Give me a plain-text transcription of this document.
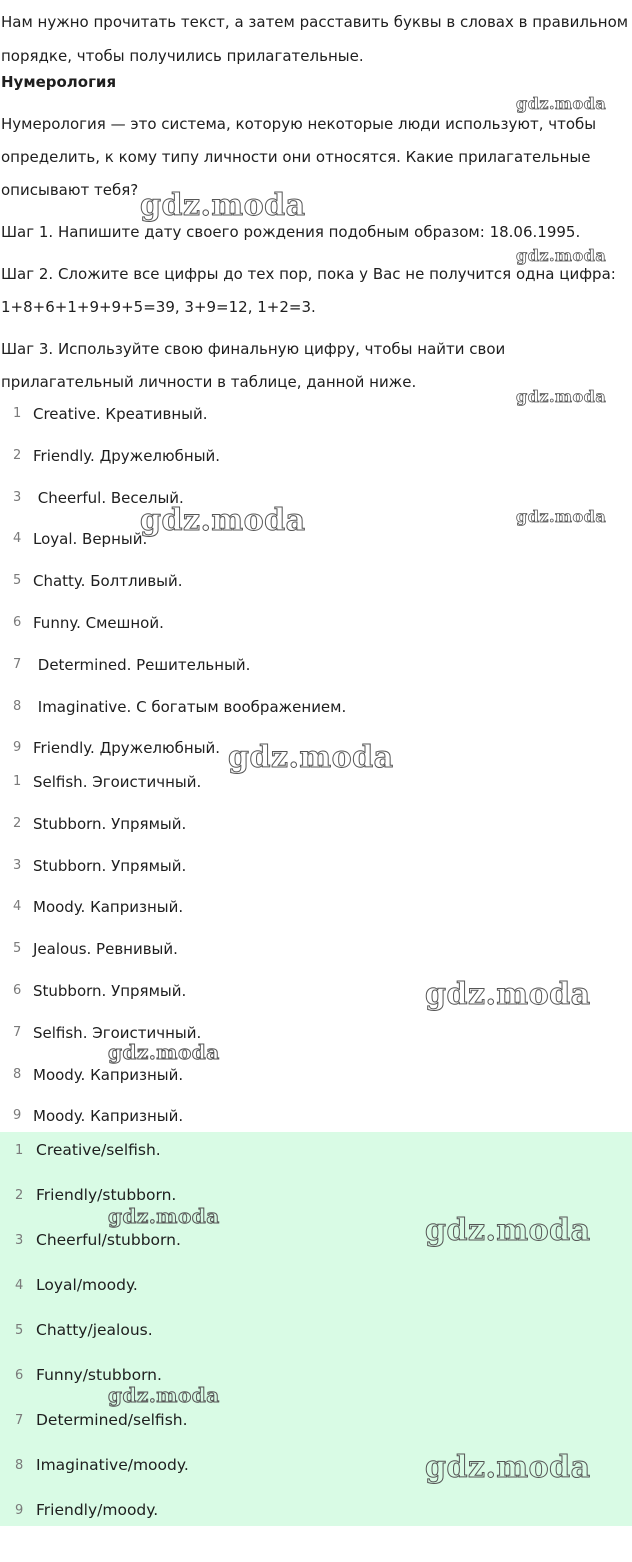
Нам нужно прочитать текст, а затем расставить буквы в словах в правильном порядке, чтобы получились прилагательные.

Нумерология

Нумерология — это система, которую некоторые люди используют, чтобы определить, к кому типу личности они относятся. Какие прилагательные описывают тебя?

Шаг 1. Напишите дату своего рождения подобным образом: 18.06.1995.

Шаг 2. Сложите все цифры до тех пор, пока у Вас не получится одна цифра: 1+8+6+1+9+9+5=39, 3+9=12, 1+2=3.

Шаг 3. Используйте свою финальную цифру, чтобы найти свои прилагательный личности в таблице, данной ниже.

1 Creative. Креативный.
2 Friendly. Дружелюбный.
3 Cheerful. Веселый.
4 Loyal. Верный.
5 Chatty. Болтливый.
6 Funny. Смешной.
7 Determined. Решительный.
8 Imaginative. С богатым воображением.
9 Friendly. Дружелюбный.
1 Selfish. Эгоистичный.
2 Stubborn. Упрямый.
3 Stubborn. Упрямый.
4 Moody. Капризный.
5 Jealous. Ревнивый.
6 Stubborn. Упрямый.
7 Selfish. Эгоистичный.
8 Moody. Капризный.
9 Moody. Капризный.
1 Creative/selfish.
2 Friendly/stubborn.
3 Cheerful/stubborn.
4 Loyal/moody.
5 Chatty/jealous.
6 Funny/stubborn.
7 Determined/selfish.
8 Imaginative/moody.
9 Friendly/moody.
gdz.moda
gdz.moda
gdz.moda
gdz.moda
gdz.moda	gdz.moda
gdz.moda
gdz.moda
gdz.moda
